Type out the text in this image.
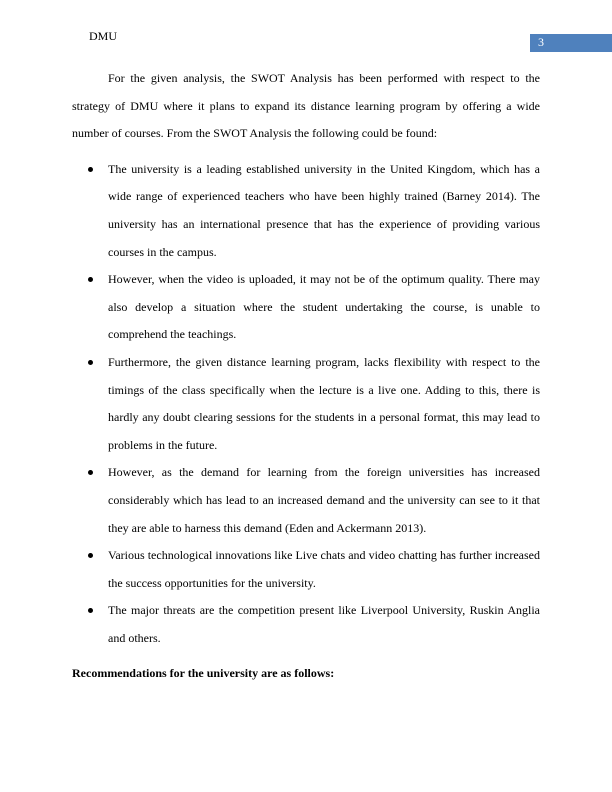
DMU	3

For the given analysis, the SWOT Analysis has been performed with respect to the strategy of DMU where it plans to expand its distance learning program by offering a wide number of courses. From the SWOT Analysis the following could be found:

The university is a leading established university in the United Kingdom, which has a wide range of experienced teachers who have been highly trained (Barney 2014). The university has an international presence that has the experience of providing various courses in the campus.
However, when the video is uploaded, it may not be of the optimum quality. There may also develop a situation where the student undertaking the course, is unable to comprehend the teachings.
Furthermore, the given distance learning program, lacks flexibility with respect to the timings of the class specifically when the lecture is a live one. Adding to this, there is hardly any doubt clearing sessions for the students in a personal format, this may lead to problems in the future.
However, as the demand for learning from the foreign universities has increased considerably which has lead to an increased demand and the university can see to it that they are able to harness this demand (Eden and Ackermann 2013).
Various technological innovations like Live chats and video chatting has further increased the success opportunities for the university.
The major threats are the competition present like Liverpool University, Ruskin Anglia and others.

Recommendations for the university are as follows:
